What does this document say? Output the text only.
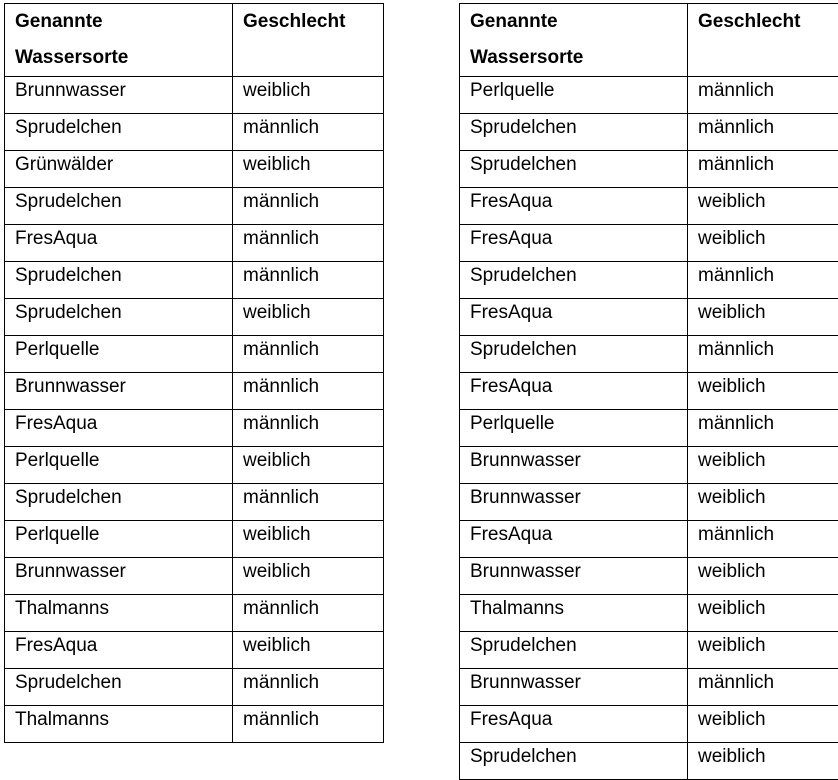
Genannte
Wassersorte	Geschlecht
Brunnwasser	weiblich
Sprudelchen	männlich
Grünwälder	weiblich
Sprudelchen	männlich
FresAqua	männlich
Sprudelchen	männlich
Sprudelchen	weiblich
Perlquelle	männlich
Brunnwasser	männlich
FresAqua	männlich
Perlquelle	weiblich
Sprudelchen	männlich
Perlquelle	weiblich
Brunnwasser	weiblich
Thalmanns	männlich
FresAqua	weiblich
Sprudelchen	männlich
Thalmanns	männlich
Genannte
Wassersorte	Geschlecht
Perlquelle	männlich
Sprudelchen	männlich
Sprudelchen	männlich
FresAqua	weiblich
FresAqua	weiblich
Sprudelchen	männlich
FresAqua	weiblich
Sprudelchen	männlich
FresAqua	weiblich
Perlquelle	männlich
Brunnwasser	weiblich
Brunnwasser	weiblich
FresAqua	männlich
Brunnwasser	weiblich
Thalmanns	weiblich
Sprudelchen	weiblich
Brunnwasser	männlich
FresAqua	weiblich
Sprudelchen	weiblich
